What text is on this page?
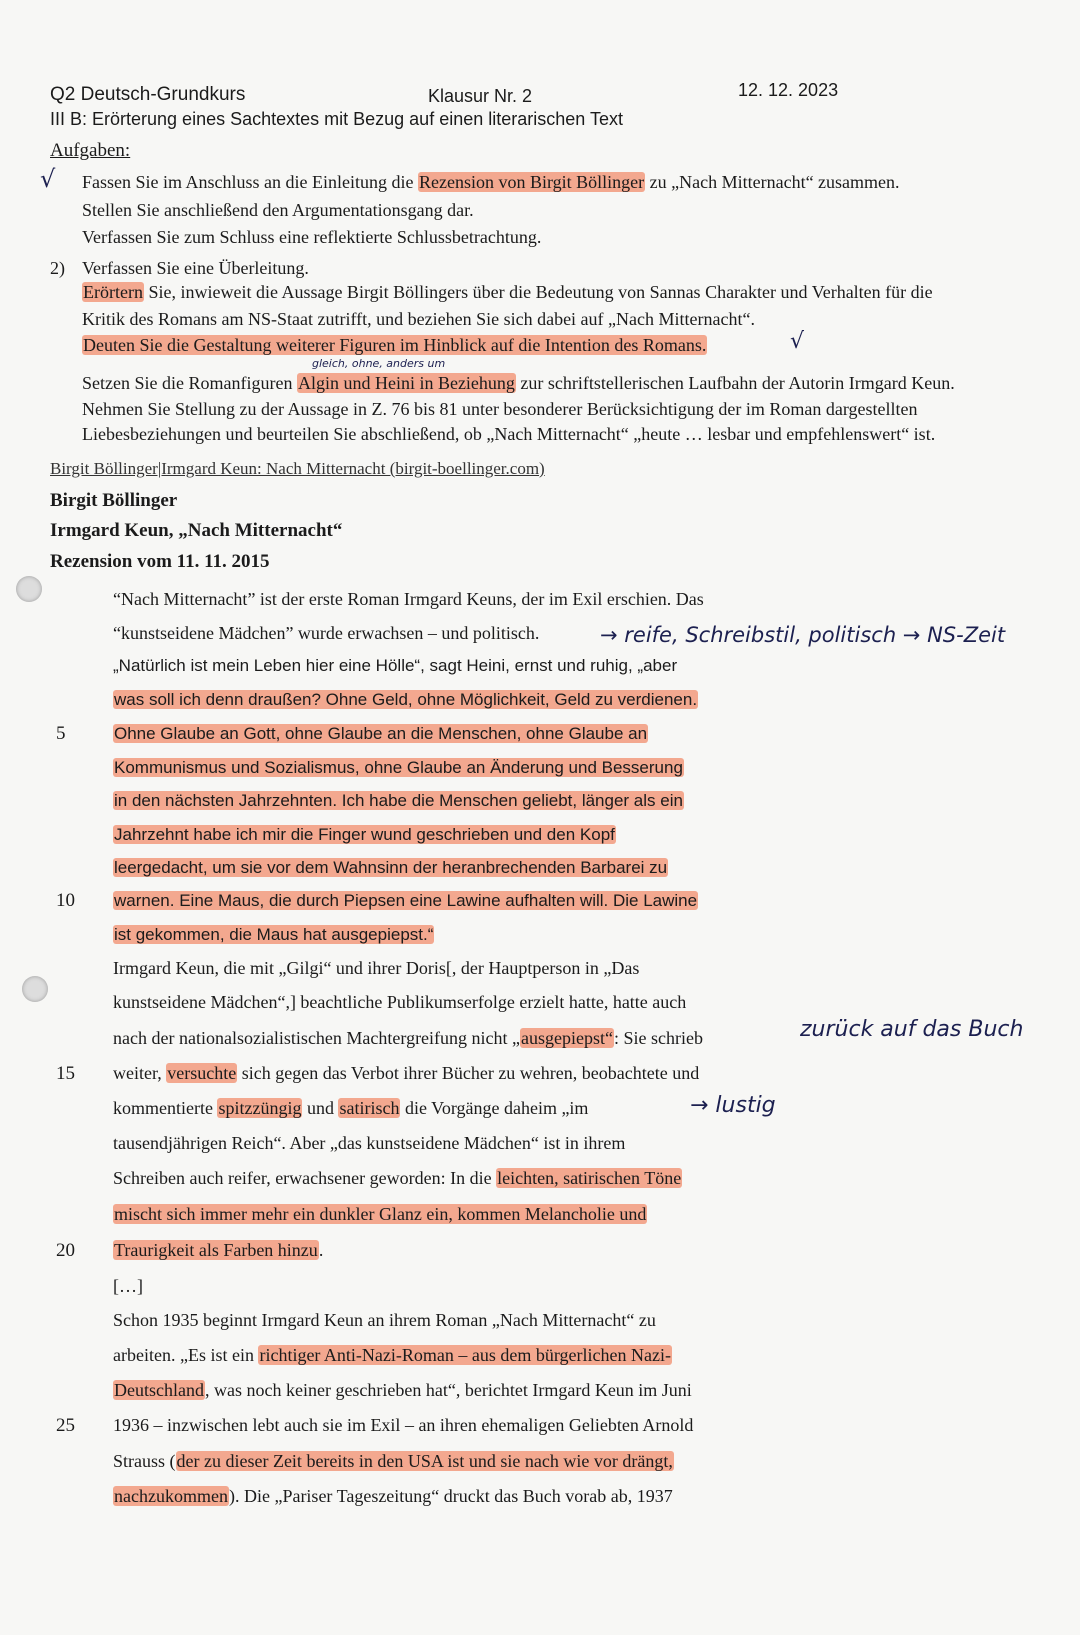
Q2 Deutsch-Grundkurs	Klausur Nr. 2	12. 12. 2023
III B: Erörterung eines Sachtextes mit Bezug auf einen literarischen Text
Aufgaben:
√ Fassen Sie im Anschluss an die Einleitung die Rezension von Birgit Böllinger zu „Nach Mitternacht“ zusammen.
Stellen Sie anschließend den Argumentationsgang dar.
Verfassen Sie zum Schluss eine reflektierte Schlussbetrachtung.
2) Verfassen Sie eine Überleitung.
Erörtern Sie, inwieweit die Aussage Birgit Böllingers über die Bedeutung von Sannas Charakter und Verhalten für die
Kritik des Romans am NS-Staat zutrifft, und beziehen Sie sich dabei auf „Nach Mitternacht“.
Deuten Sie die Gestaltung weiterer Figuren im Hinblick auf die Intention des Romans.	√
gleich, ohne, anders um
Setzen Sie die Romanfiguren Algin und Heini in Beziehung zur schriftstellerischen Laufbahn der Autorin Irmgard Keun.
Nehmen Sie Stellung zu der Aussage in Z. 76 bis 81 unter besonderer Berücksichtigung der im Roman dargestellten
Liebesbeziehungen und beurteilen Sie abschließend, ob „Nach Mitternacht“ „heute … lesbar und empfehlenswert“ ist.
Birgit Böllinger|Irmgard Keun: Nach Mitternacht (birgit-boellinger.com)
Birgit Böllinger
Irmgard Keun, „Nach Mitternacht“
Rezension vom 11. 11. 2015
“Nach Mitternacht” ist der erste Roman Irmgard Keuns, der im Exil erschien. Das
“kunstseidene Mädchen” wurde erwachsen – und politisch.	→ reife, Schreibstil, politisch → NS-Zeit
„Natürlich ist mein Leben hier eine Hölle“, sagt Heini, ernst und ruhig, „aber
was soll ich denn draußen? Ohne Geld, ohne Möglichkeit, Geld zu verdienen.
Ohne Glaube an Gott, ohne Glaube an die Menschen, ohne Glaube an
Kommunismus und Sozialismus, ohne Glaube an Änderung und Besserung
in den nächsten Jahrzehnten. Ich habe die Menschen geliebt, länger als ein
Jahrzehnt habe ich mir die Finger wund geschrieben und den Kopf
leergedacht, um sie vor dem Wahnsinn der heranbrechenden Barbarei zu
warnen. Eine Maus, die durch Piepsen eine Lawine aufhalten will. Die Lawine
ist gekommen, die Maus hat ausgepiepst.“
Irmgard Keun, die mit „Gilgi“ und ihrer Doris[, der Hauptperson in „Das
kunstseidene Mädchen“,] beachtliche Publikumserfolge erzielt hatte, hatte auch
nach der nationalsozialistischen Machtergreifung nicht „ausgepiepst“: Sie schrieb	zurück auf das Buch
weiter, versuchte sich gegen das Verbot ihrer Bücher zu wehren, beobachtete und
kommentierte spitzzüngig und satirisch die Vorgänge daheim „im	→ lustig
tausendjährigen Reich“. Aber „das kunstseidene Mädchen“ ist in ihrem
Schreiben auch reifer, erwachsener geworden: In die leichten, satirischen Töne
mischt sich immer mehr ein dunkler Glanz ein, kommen Melancholie und
Traurigkeit als Farben hinzu.
[…]
Schon 1935 beginnt Irmgard Keun an ihrem Roman „Nach Mitternacht“ zu
arbeiten. „Es ist ein richtiger Anti-Nazi-Roman – aus dem bürgerlichen Nazi-
Deutschland, was noch keiner geschrieben hat“, berichtet Irmgard Keun im Juni
1936 – inzwischen lebt auch sie im Exil – an ihren ehemaligen Geliebten Arnold
Strauss (der zu dieser Zeit bereits in den USA ist und sie nach wie vor drängt,
nachzukommen). Die „Pariser Tageszeitung“ druckt das Buch vorab ab, 1937
5
10
15
20
25
